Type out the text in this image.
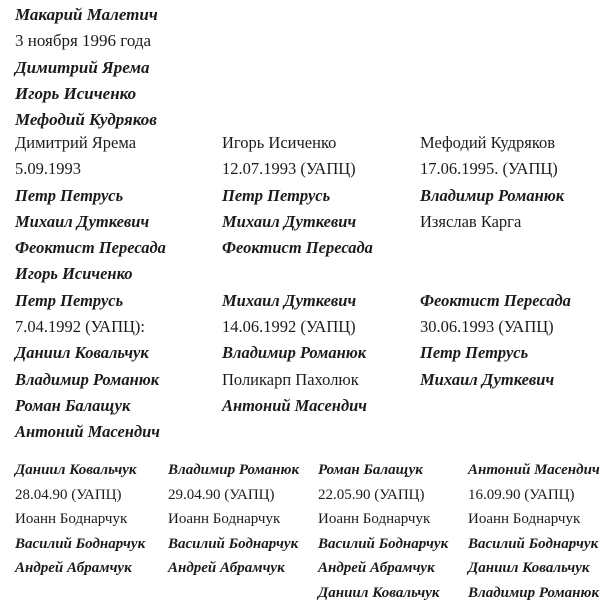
Макарий Малетич
3 ноября 1996 года
Димитрий Ярема
Игорь Исиченко
Мефодий Кудряков
Димитрий Ярема
5.09.1993
Петр Петрусь
Михаил Дуткевич
Феоктист Пересада
Игорь Исиченко
Петр Петрусь
7.04.1992 (УАПЦ):
Даниил Ковальчук
Владимир Романюк
Роман Балащук
Антоний Масендич
Игорь Исиченко
12.07.1993 (УАПЦ)
Петр Петрусь
Михаил Дуткевич
Феоктист Пересада
Михаил Дуткевич
14.06.1992 (УАПЦ)
Владимир Романюк
Поликарп Пахолюк
Антоний Масендич
Мефодий Кудряков
17.06.1995. (УАПЦ)
Владимир Романюк
Изяслав Карга
Феоктист Пересада
30.06.1993 (УАПЦ)
Петр Петрусь
Михаил Дуткевич
Даниил Ковальчук
28.04.90 (УАПЦ)
Иоанн Боднарчук
Василий Боднарчук
Андрей Абрамчук
Владимир Романюк
29.04.90 (УАПЦ)
Иоанн Боднарчук
Василий Боднарчук
Андрей Абрамчук
Роман Балащук
22.05.90 (УАПЦ)
Иоанн Боднарчук
Василий Боднарчук
Андрей Абрамчук
Даниил Ковальчук
Антоний Масендич
16.09.90 (УАПЦ)
Иоанн Боднарчук
Василий Боднарчук
Даниил Ковальчук
Владимир Романюк
